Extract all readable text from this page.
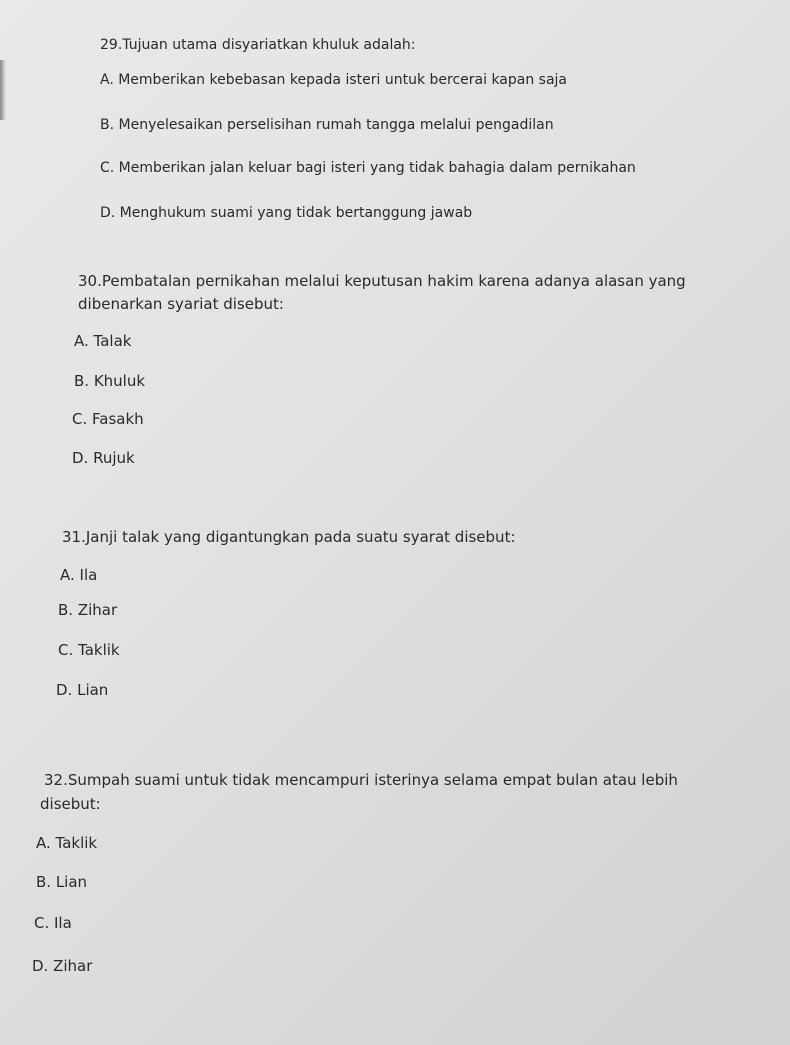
29.Tujuan utama disyariatkan khuluk adalah:
A. Memberikan kebebasan kepada isteri untuk bercerai kapan saja
B. Menyelesaikan perselisihan rumah tangga melalui pengadilan
C. Memberikan jalan keluar bagi isteri yang tidak bahagia dalam pernikahan
D. Menghukum suami yang tidak bertanggung jawab
30.Pembatalan pernikahan melalui keputusan hakim karena adanya alasan yang
dibenarkan syariat disebut:
A. Talak
B. Khuluk
C. Fasakh
D. Rujuk
31.Janji talak yang digantungkan pada suatu syarat disebut:
A. Ila
B. Zihar
C. Taklik
D. Lian
32.Sumpah suami untuk tidak mencampuri isterinya selama empat bulan atau lebih
disebut:
A. Taklik
B. Lian
C. Ila
D. Zihar
